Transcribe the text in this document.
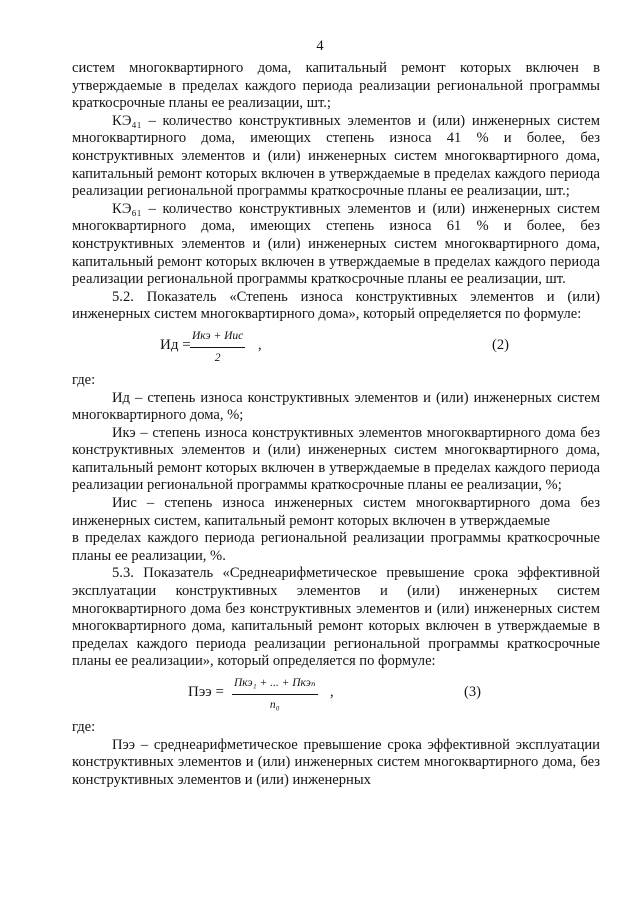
4

систем многоквартирного дома, капитальный ремонт которых включен в утверждаемые в пределах каждого периода реализации региональной программы краткосрочные планы ее реализации, шт.;

КЭ₄₁ – количество конструктивных элементов и (или) инженерных систем многоквартирного дома, имеющих степень износа 41 % и более, без конструктивных элементов и (или) инженерных систем многоквартирного дома, капитальный ремонт которых включен в утверждаемые в пределах каждого периода реализации региональной программы краткосрочные планы ее реализации, шт.;

КЭ₆₁ – количество конструктивных элементов и (или) инженерных систем многоквартирного дома, имеющих степень износа 61 % и более, без конструктивных элементов и (или) инженерных систем многоквартирного дома, капитальный ремонт которых включен в утверждаемые в пределах каждого периода реализации региональной программы краткосрочные планы ее реализации, шт.

5.2. Показатель «Степень износа конструктивных элементов и (или) инженерных систем многоквартирного дома», который определяется по формуле:

Ид =
Икэ + Иис
2
,	(2)

где:

Ид – степень износа конструктивных элементов и (или) инженерных систем многоквартирного дома, %;

Икэ – степень износа конструктивных элементов многоквартирного дома без конструктивных элементов и (или) инженерных систем многоквартирного дома, капитальный ремонт которых включен в утверждаемые в пределах каждого периода реализации региональной программы краткосрочные планы ее реализации, %;

Иис – степень износа инженерных систем многоквартирного дома без инженерных систем, капитальный ремонт которых включен в утверждаемые

в пределах каждого периода региональной реализации программы краткосрочные планы ее реализации, %.

5.3. Показатель «Среднеарифметическое превышение срока эффективной эксплуатации конструктивных элементов и (или) инженерных систем многоквартирного дома без конструктивных элементов и (или) инженерных систем многоквартирного дома, капитальный ремонт которых включен в утверждаемые в пределах каждого периода реализации региональной программы краткосрочные планы ее реализации», который определяется по формуле:

Пээ =
Пкэ₁ + ... + Пкэₙ
n₀
,	(3)

где:

Пээ – среднеарифметическое превышение срока эффективной эксплуатации конструктивных элементов и (или) инженерных систем многоквартирного дома, без конструктивных элементов и (или) инженерных
